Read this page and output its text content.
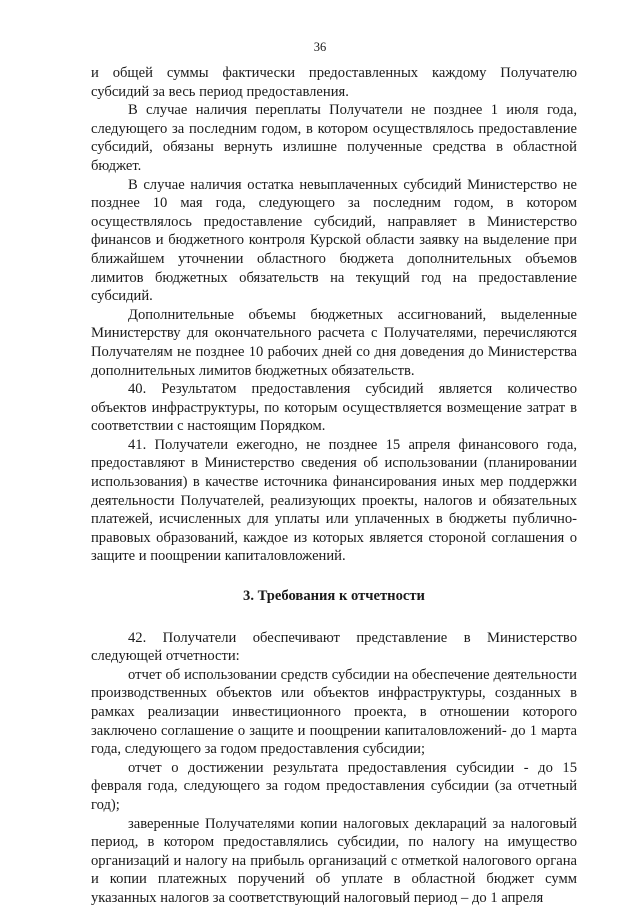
36

и общей суммы фактически предоставленных каждому Получателю субсидий за весь период предоставления.

В случае наличия переплаты Получатели не позднее 1 июля года, следующего за последним годом, в котором осуществлялось предоставление субсидий, обязаны вернуть излишне полученные средства в областной бюджет.

В случае наличия остатка невыплаченных субсидий Министерство не позднее 10 мая года, следующего за последним годом, в котором осуществлялось предоставление субсидий, направляет в Министерство финансов и бюджетного контроля Курской области заявку на выделение при ближайшем уточнении областного бюджета дополнительных объемов лимитов бюджетных обязательств на текущий год на предоставление субсидий.

Дополнительные объемы бюджетных ассигнований, выделенные Министерству для окончательного расчета с Получателями, перечисляются Получателям не позднее 10 рабочих дней со дня доведения до Министерства дополнительных лимитов бюджетных обязательств.

40. Результатом предоставления субсидий является количество объектов инфраструктуры, по которым осуществляется возмещение затрат в соответствии с настоящим Порядком.

41. Получатели ежегодно, не позднее 15 апреля финансового года, предоставляют в Министерство сведения об использовании (планировании использования) в качестве источника финансирования иных мер поддержки деятельности Получателей, реализующих проекты, налогов и обязательных платежей, исчисленных для уплаты или уплаченных в бюджеты публично-правовых образований, каждое из которых является стороной соглашения о защите и поощрении капиталовложений.

3. Требования к отчетности

42. Получатели обеспечивают представление в Министерство следующей отчетности:

отчет об использовании средств субсидии на обеспечение деятельности производственных объектов или объектов инфраструктуры, созданных в рамках реализации инвестиционного проекта, в отношении которого заключено соглашение о защите и поощрении капиталовложений- до 1 марта года, следующего за годом предоставления субсидии;

отчет о достижении результата предоставления субсидии - до 15 февраля года, следующего за годом предоставления субсидии (за отчетный год);

заверенные Получателями копии налоговых деклараций за налоговый период, в котором предоставлялись субсидии, по налогу на имущество организаций и налогу на прибыль организаций с отметкой налогового органа и копии платежных поручений об уплате в областной бюджет сумм указанных налогов за соответствующий налоговый период – до 1 апреля
